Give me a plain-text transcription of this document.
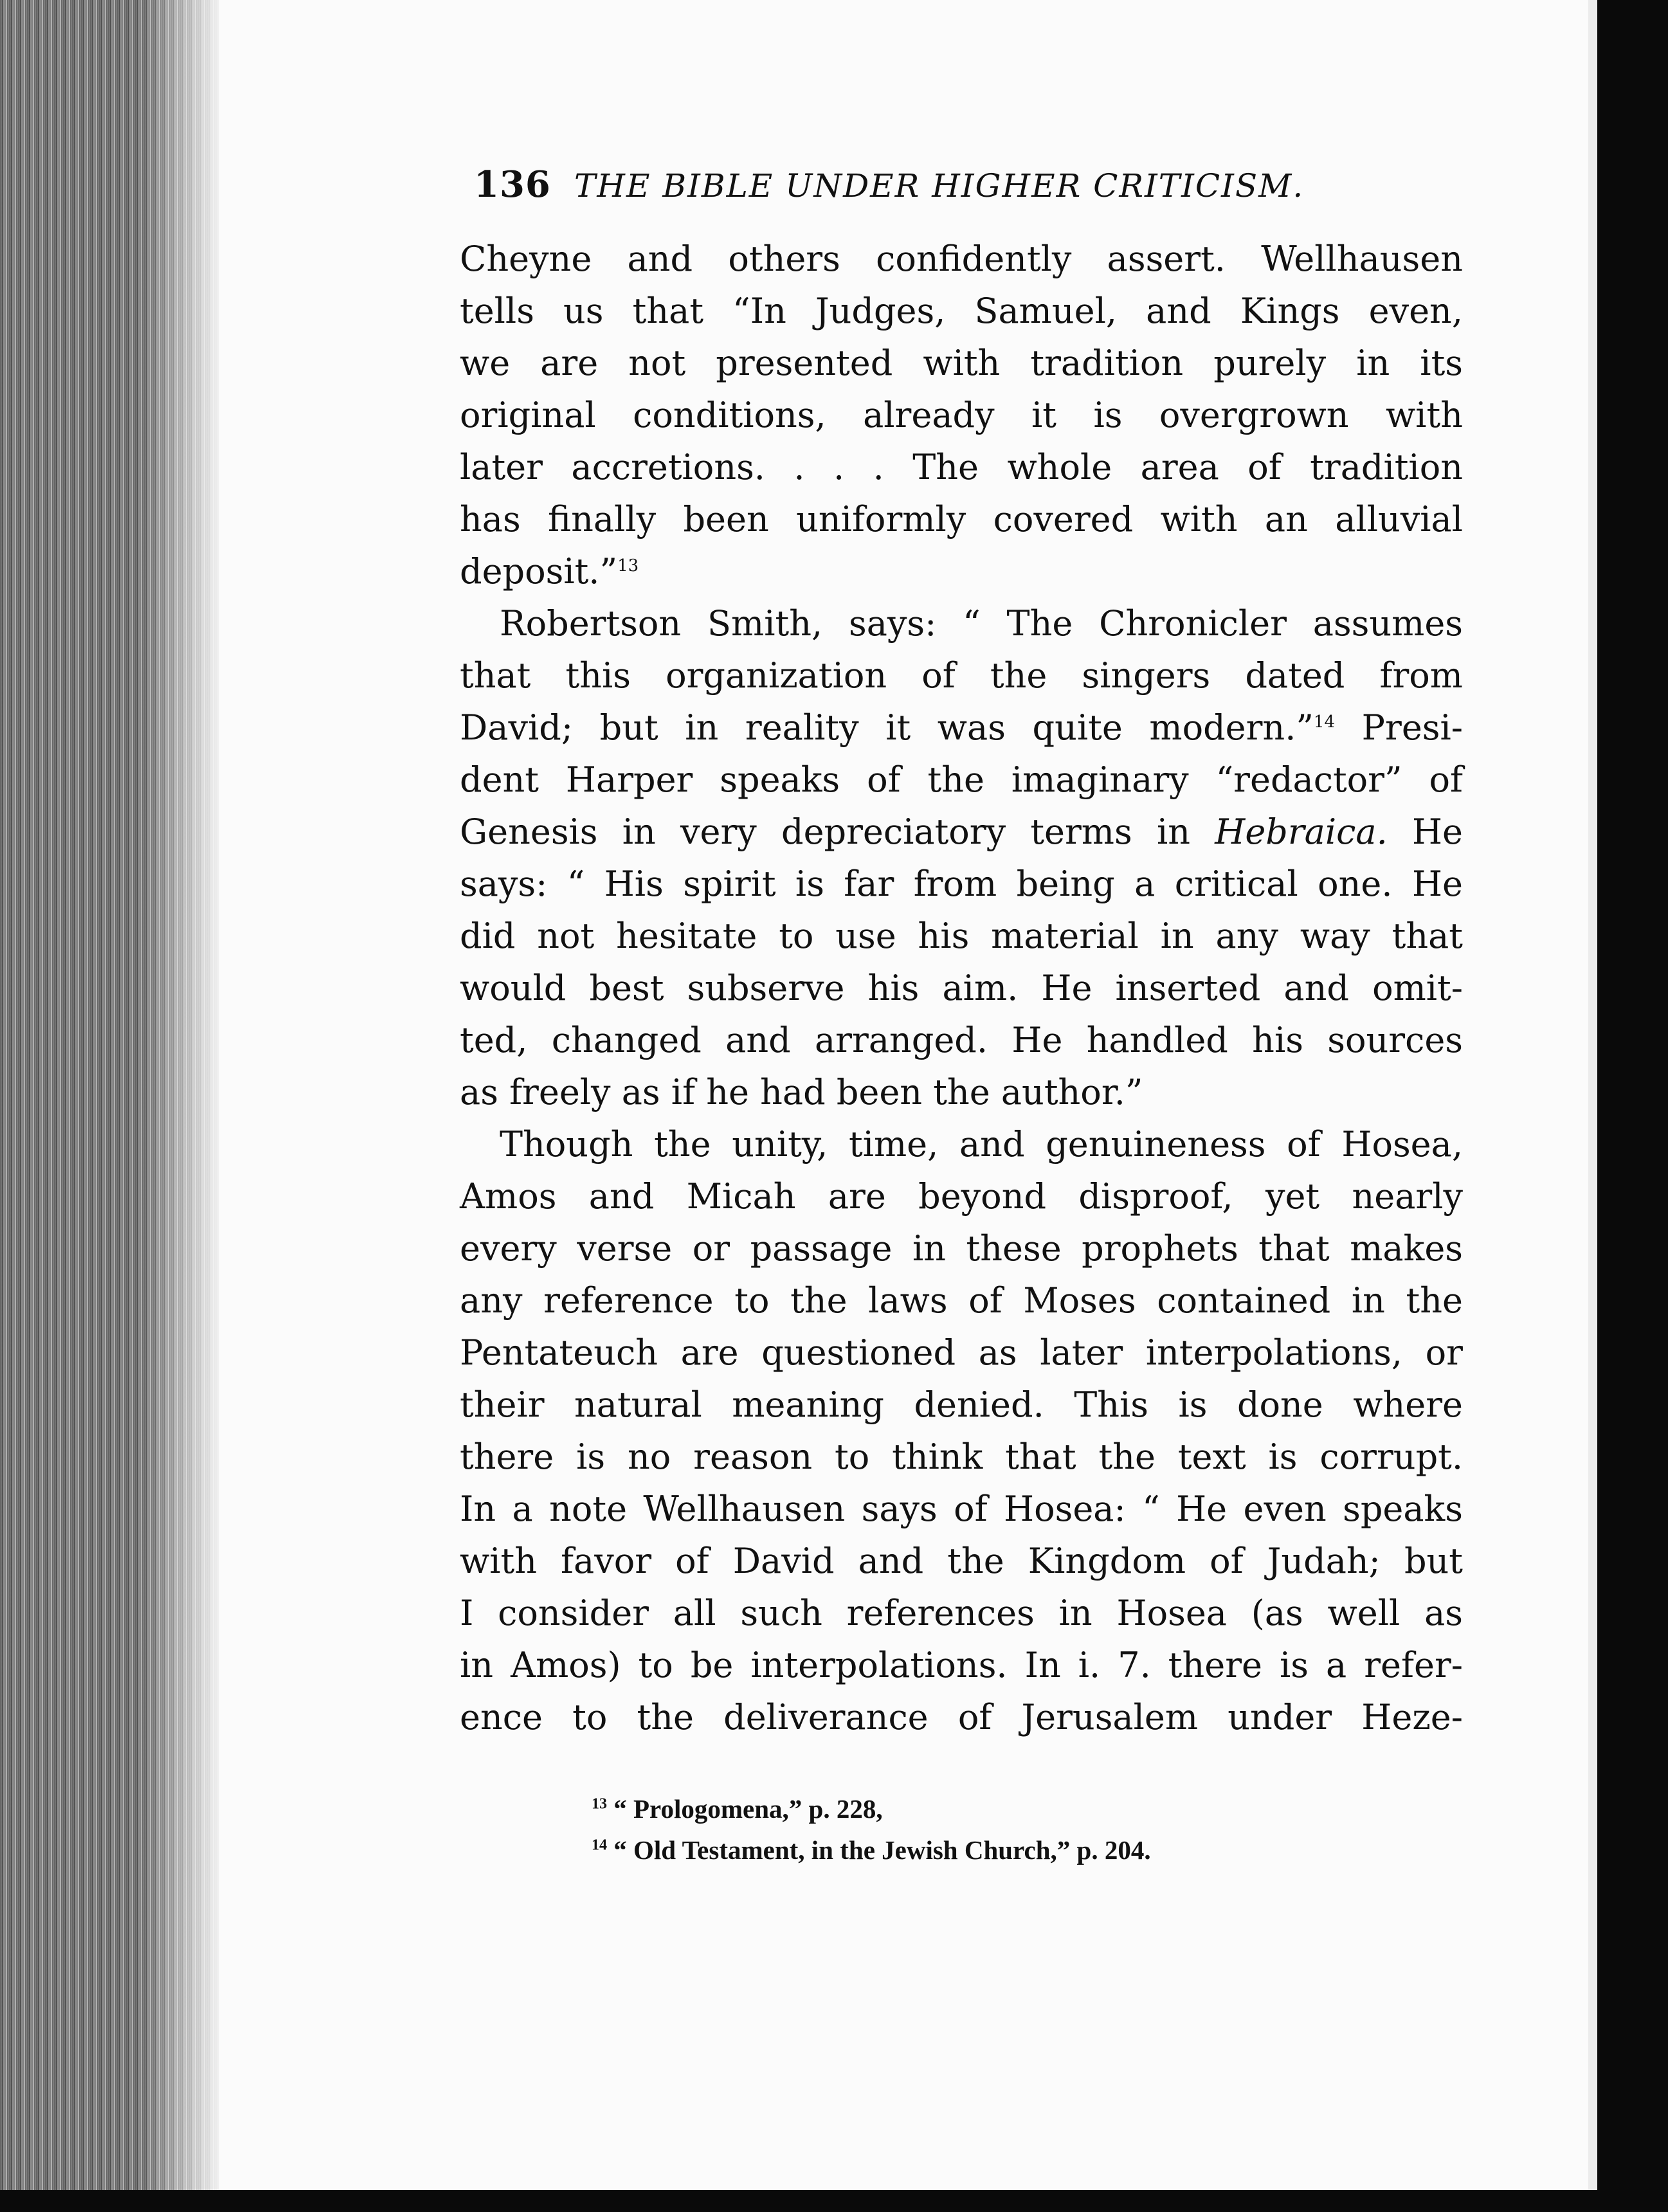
136 THE BIBLE UNDER HIGHER CRITICISM.

Cheyne and others confidently assert. Wellhausen
tells us that “In Judges, Samuel, and Kings even,
we are not presented with tradition purely in its
original conditions, already it is overgrown with
later accretions. . . . The whole area of tradition
has finally been uniformly covered with an alluvial
deposit.”$^{13}$

Robertson Smith, says: “ The Chronicler assumes
that this organization of the singers dated from
David; but in reality it was quite modern.”$^{14}$ Presi-
dent Harper speaks of the imaginary “redactor” of
Genesis in very depreciatory terms in Hebraica. He
says: “ His spirit is far from being a critical one. He
did not hesitate to use his material in any way that
would best subserve his aim. He inserted and omit-
ted, changed and arranged. He handled his sources
as freely as if he had been the author.”

Though the unity, time, and genuineness of Hosea,
Amos and Micah are beyond disproof, yet nearly
every verse or passage in these prophets that makes
any reference to the laws of Moses contained in the
Pentateuch are questioned as later interpolations, or
their natural meaning denied. This is done where
there is no reason to think that the text is corrupt.
In a note Wellhausen says of Hosea: “ He even speaks
with favor of David and the Kingdom of Judah; but
I consider all such references in Hosea (as well as
in Amos) to be interpolations. In i. 7. there is a refer-
ence to the deliverance of Jerusalem under Heze-

$^{13}$ “ Prologomena,” p. 228,
$^{14}$ “ Old Testament, in the Jewish Church,” p. 204.
